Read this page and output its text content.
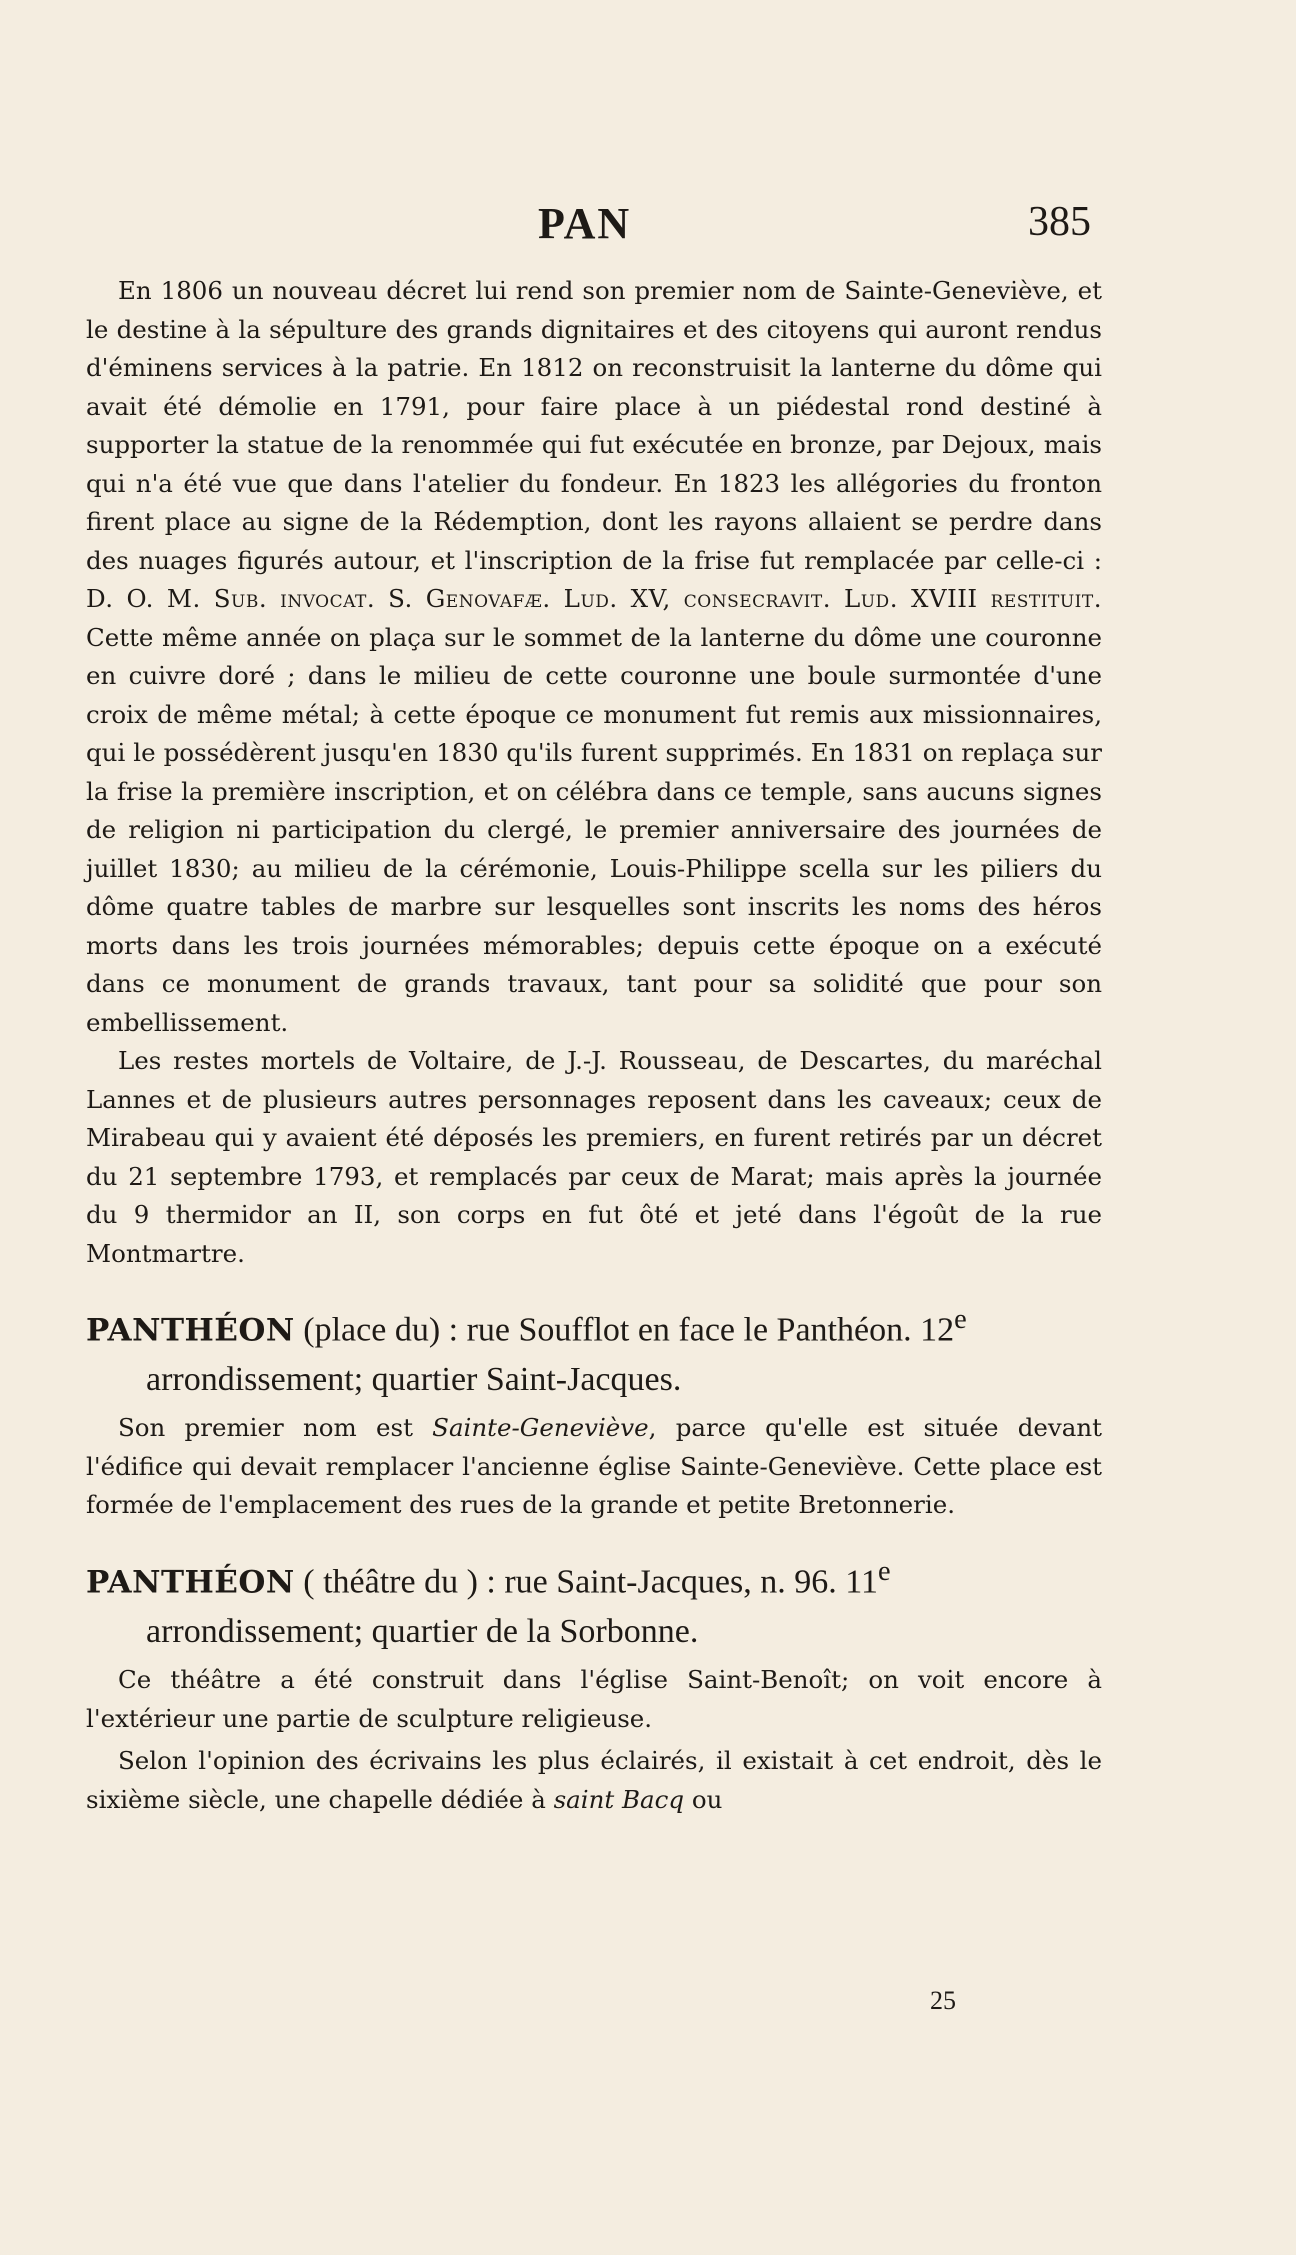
PAN	385

En 1806 un nouveau décret lui rend son premier nom de Sainte-Geneviève, et le destine à la sépulture des grands dignitaires et des citoyens qui auront rendus d'éminens services à la patrie. En 1812 on reconstruisit la lanterne du dôme qui avait été démolie en 1791, pour faire place à un piédestal rond destiné à supporter la statue de la renommée qui fut exécutée en bronze, par Dejoux, mais qui n'a été vue que dans l'atelier du fondeur. En 1823 les allégories du fronton firent place au signe de la Rédemption, dont les rayons allaient se perdre dans des nuages figurés autour, et l'inscription de la frise fut remplacée par celle-ci : D. O. M. Sub. invocat. S. Genovafæ. Lud. XV, consecravit. Lud. XVIII restituit. Cette même année on plaça sur le sommet de la lanterne du dôme une couronne en cuivre doré ; dans le milieu de cette couronne une boule surmontée d'une croix de même métal; à cette époque ce monument fut remis aux missionnaires, qui le possédèrent jusqu'en 1830 qu'ils furent supprimés. En 1831 on replaça sur la frise la première inscription, et on célébra dans ce temple, sans aucuns signes de religion ni participation du clergé, le premier anniversaire des journées de juillet 1830; au milieu de la cérémonie, Louis-Philippe scella sur les piliers du dôme quatre tables de marbre sur lesquelles sont inscrits les noms des héros morts dans les trois journées mémorables; depuis cette époque on a exécuté dans ce monument de grands travaux, tant pour sa solidité que pour son embellissement.

Les restes mortels de Voltaire, de J.-J. Rousseau, de Descartes, du maréchal Lannes et de plusieurs autres personnages reposent dans les caveaux; ceux de Mirabeau qui y avaient été déposés les premiers, en furent retirés par un décret du 21 septembre 1793, et remplacés par ceux de Marat; mais après la journée du 9 thermidor an II, son corps en fut ôté et jeté dans l'égoût de la rue Montmartre.

PANTHÉON (place du) : rue Soufflot en face le Panthéon. 12e arrondissement; quartier Saint-Jacques.

Son premier nom est Sainte-Geneviève, parce qu'elle est située devant l'édifice qui devait remplacer l'ancienne église Sainte-Geneviève. Cette place est formée de l'emplacement des rues de la grande et petite Bretonnerie.

PANTHÉON ( théâtre du ) : rue Saint-Jacques, n. 96. 11e arrondissement; quartier de la Sorbonne.

Ce théâtre a été construit dans l'église Saint-Benoît; on voit encore à l'extérieur une partie de sculpture religieuse.

Selon l'opinion des écrivains les plus éclairés, il existait à cet endroit, dès le sixième siècle, une chapelle dédiée à saint Bacq ou

25
